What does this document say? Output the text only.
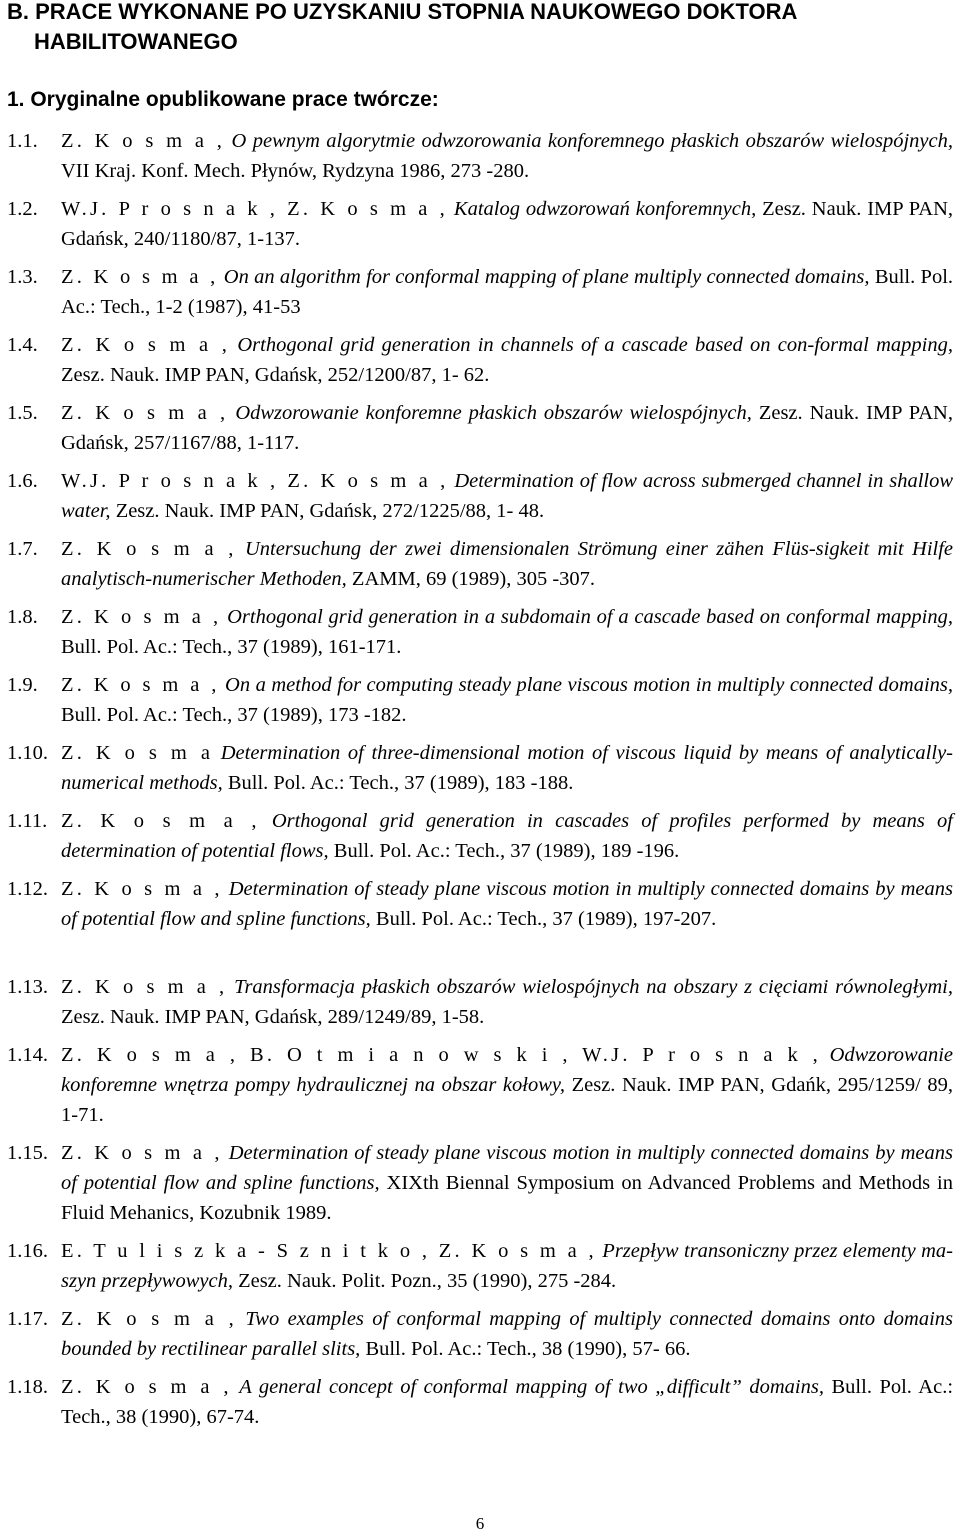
B. PRACE WYKONANE PO UZYSKANIU STOPNIA NAUKOWEGO DOKTORA
HABILITOWANEGO
1. Oryginalne opublikowane prace twórcze:
1.1. Z. K o s m a , O pewnym algorytmie odwzorowania konforemnego płaskich obszarów wielospójnych, VII Kraj. Konf. Mech. Płynów, Rydzyna 1986, 273 -280.
1.2. W.J. P r o s n a k , Z. K o s m a , Katalog odwzorowań konforemnych, Zesz. Nauk. IMP PAN, Gdańsk, 240/1180/87, 1-137.
1.3. Z. K o s m a , On an algorithm for conformal mapping of plane multiply connected domains, Bull. Pol. Ac.: Tech., 1-2 (1987), 41-53
1.4. Z. K o s m a , Orthogonal grid generation in channels of a cascade based on con-formal mapping, Zesz. Nauk. IMP PAN, Gdańsk, 252/1200/87, 1- 62.
1.5. Z. K o s m a , Odwzorowanie konforemne płaskich obszarów wielospójnych, Zesz. Nauk. IMP PAN, Gdańsk, 257/1167/88, 1-117.
1.6. W.J. P r o s n a k , Z. K o s m a , Determination of flow across submerged channel in shallow water, Zesz. Nauk. IMP PAN, Gdańsk, 272/1225/88, 1- 48.
1.7. Z. K o s m a , Untersuchung der zwei dimensionalen Strömung einer zähen Flüs-sigkeit mit Hilfe analytisch-numerischer Methoden, ZAMM, 69 (1989), 305 -307.
1.8. Z. K o s m a , Orthogonal grid generation in a subdomain of a cascade based on conformal mapping, Bull. Pol. Ac.: Tech., 37 (1989), 161-171.
1.9. Z. K o s m a , On a method for computing steady plane viscous motion in multiply connected domains, Bull. Pol. Ac.: Tech., 37 (1989), 173 -182.
1.10. Z. K o s m a Determination of three-dimensional motion of viscous liquid by means of analytically-numerical methods, Bull. Pol. Ac.: Tech., 37 (1989), 183 -188.
1.11. Z. K o s m a , Orthogonal grid generation in cascades of profiles performed by means of determination of potential flows, Bull. Pol. Ac.: Tech., 37 (1989), 189 -196.
1.12. Z. K o s m a , Determination of steady plane viscous motion in multiply connected domains by means of potential flow and spline functions, Bull. Pol. Ac.: Tech., 37 (1989), 197-207.
1.13. Z. K o s m a , Transformacja płaskich obszarów wielospójnych na obszary z cięciami równoległymi, Zesz. Nauk. IMP PAN, Gdańsk, 289/1249/89, 1-58.
1.14. Z. K o s m a , B. O t m i a n o w s k i , W.J. P r o s n a k , Odwzorowanie konforemne wnętrza pompy hydraulicznej na obszar kołowy, Zesz. Nauk. IMP PAN, Gdańk, 295/1259/ 89, 1-71.
1.15. Z. K o s m a , Determination of steady plane viscous motion in multiply connected domains by means of potential flow and spline functions, XIXth Biennal Symposium on Advanced Problems and Methods in Fluid Mehanics, Kozubnik 1989.
1.16. E. T u l i s z k a - S z n i t k o , Z. K o s m a , Przepływ transoniczny przez elementy ma-szyn przepływowych, Zesz. Nauk. Polit. Pozn., 35 (1990), 275 -284.
1.17. Z. K o s m a , Two examples of conformal mapping of multiply connected domains onto domains bounded by rectilinear parallel slits, Bull. Pol. Ac.: Tech., 38 (1990), 57- 66.
1.18. Z. K o s m a , A general concept of conformal mapping of two „difficult” domains, Bull. Pol. Ac.: Tech., 38 (1990), 67-74.
6
